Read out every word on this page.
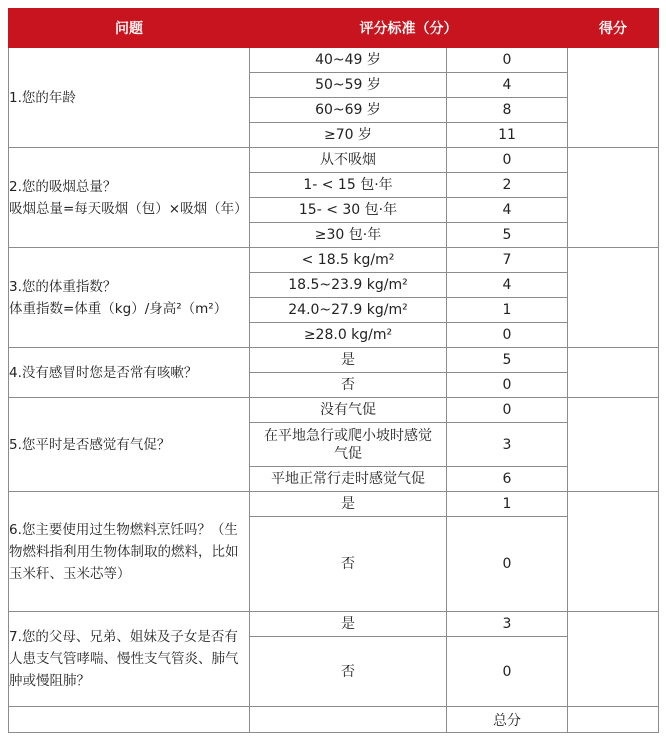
问题	评分标准（分）		得分

1.您的年龄	40~49 岁	0	
	50~59 岁	4	
	60~69 岁	8	
	≥70 岁	11	

2.您的吸烟总量？
吸烟总量=每天吸烟（包）×吸烟（年）	从不吸烟	0	
	1- < 15 包·年	2	
	15- < 30 包·年	4	
	≥30 包·年	5	

3.您的体重指数？
体重指数=体重（kg）/身高²（m²）	< 18.5 kg/m²	7	
	18.5~23.9 kg/m²	4	
	24.0~27.9 kg/m²	1	
	≥28.0 kg/m²	0	

4.没有感冒时您是否常有咳嗽？	是	5	
	否	0	

5.您平时是否感觉有气促？	没有气促	0	
	在平地急行或爬小坡时感觉气促	3	
	平地正常行走时感觉气促	6	

6.您主要使用过生物燃料烹饪吗？（生物燃料指利用生物体制取的燃料，比如玉米秆、玉米芯等）	是	1	
	否	0	

7.您的父母、兄弟、姐妹及子女是否有人患支气管哮喘、慢性支气管炎、肺气肿或慢阻肺？	是	3	
	否	0	
		总分	
